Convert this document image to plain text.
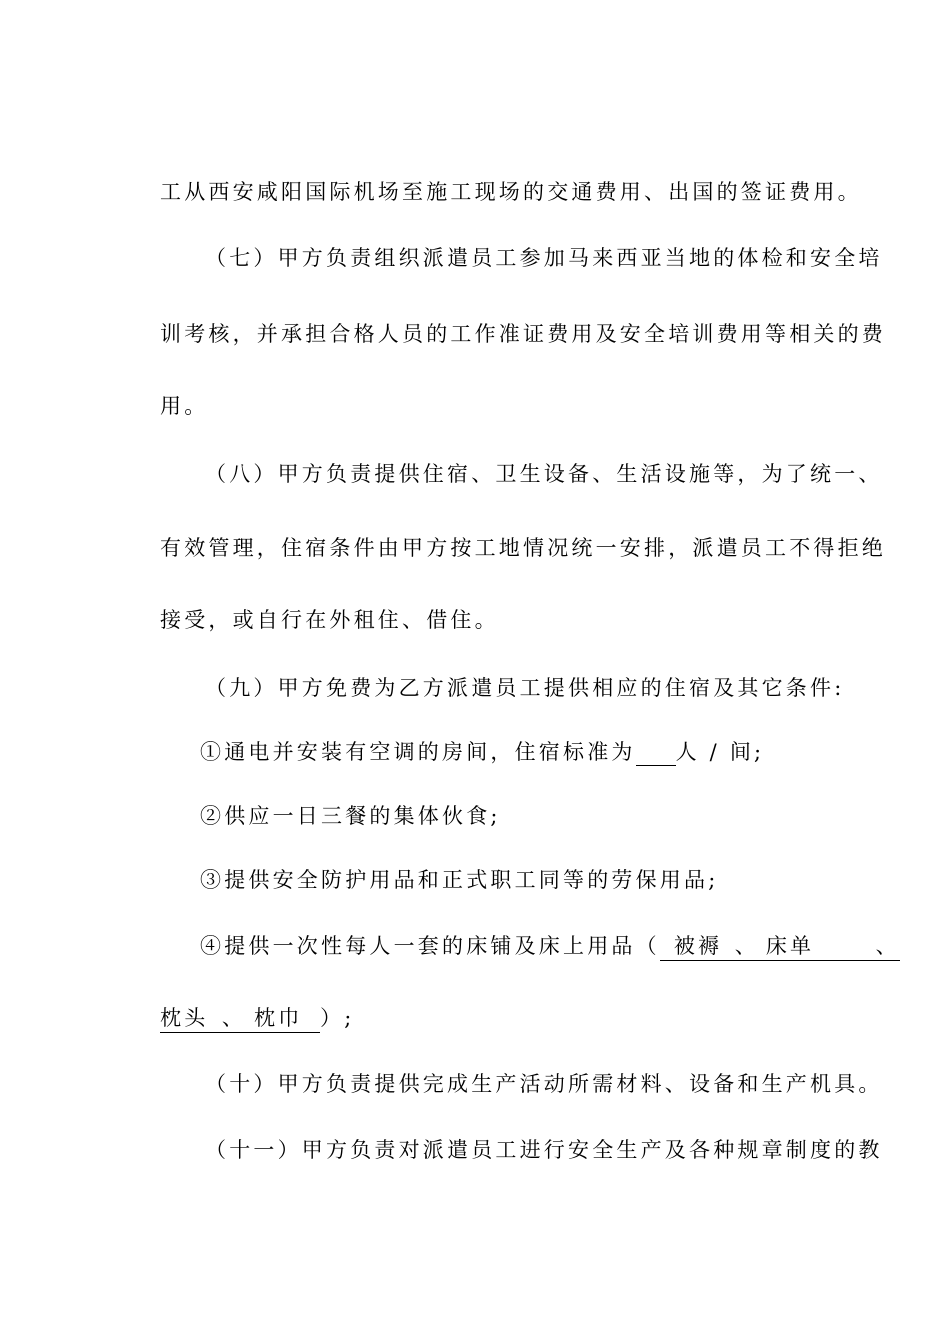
工从西安咸阳国际机场至施工现场的交通费用、出国的签证费用。
（七）甲方负责组织派遣员工参加马来西亚当地的体检和安全培
训考核，并承担合格人员的工作准证费用及安全培训费用等相关的费
用。
（八）甲方负责提供住宿、卫生设备、生活设施等，为了统一、
有效管理，住宿条件由甲方按工地情况统一安排，派遣员工不得拒绝
接受，或自行在外租住、借住。
（九）甲方免费为乙方派遣员工提供相应的住宿及其它条件:
①通电并安装有空调的房间，住宿标准为 人 / 间;
②供应一日三餐的集体伙食;
③提供安全防护用品和正式职工同等的劳保用品;
④提供一次性每人一套的床铺及床上用品（ 被褥 、 床单	、
枕头 、 枕巾 ）;
（十）甲方负责提供完成生产活动所需材料、设备和生产机具。
（十一）甲方负责对派遣员工进行安全生产及各种规章制度的教
